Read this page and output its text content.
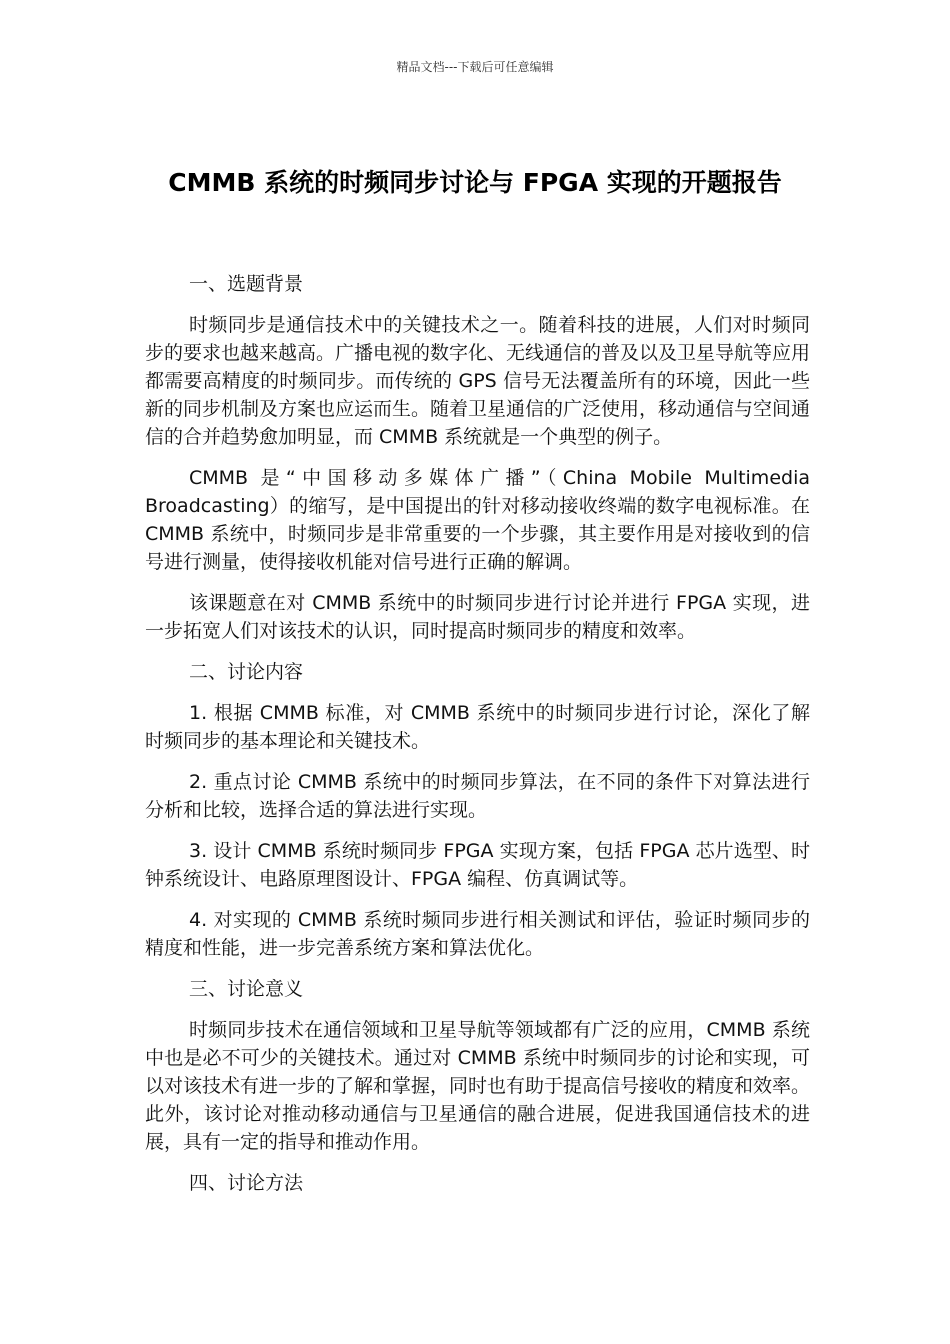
精品文档---下载后可任意编辑
CMMB 系统的时频同步讨论与 FPGA 实现的开题报告

一、选题背景

时频同步是通信技术中的关键技术之一。随着科技的进展，人们对时频同步的要求也越来越高。广播电视的数字化、无线通信的普及以及卫星导航等应用都需要高精度的时频同步。而传统的 GPS 信号无法覆盖所有的环境，因此一些新的同步机制及方案也应运而生。随着卫星通信的广泛使用，移动通信与空间通信的合并趋势愈加明显，而 CMMB 系统就是一个典型的例子。

CMMB 是“中国移动多媒体广播”（China Mobile Multimedia Broadcasting）的缩写，是中国提出的针对移动接收终端的数字电视标准。在 CMMB 系统中，时频同步是非常重要的一个步骤，其主要作用是对接收到的信号进行测量，使得接收机能对信号进行正确的解调。

该课题意在对 CMMB 系统中的时频同步进行讨论并进行 FPGA 实现，进一步拓宽人们对该技术的认识，同时提高时频同步的精度和效率。

二、讨论内容

1. 根据 CMMB 标准，对 CMMB 系统中的时频同步进行讨论，深化了解时频同步的基本理论和关键技术。

2. 重点讨论 CMMB 系统中的时频同步算法，在不同的条件下对算法进行分析和比较，选择合适的算法进行实现。

3. 设计 CMMB 系统时频同步 FPGA 实现方案，包括 FPGA 芯片选型、时钟系统设计、电路原理图设计、FPGA 编程、仿真调试等。

4. 对实现的 CMMB 系统时频同步进行相关测试和评估，验证时频同步的精度和性能，进一步完善系统方案和算法优化。

三、讨论意义

时频同步技术在通信领域和卫星导航等领域都有广泛的应用，CMMB 系统中也是必不可少的关键技术。通过对 CMMB 系统中时频同步的讨论和实现，可以对该技术有进一步的了解和掌握，同时也有助于提高信号接收的精度和效率。此外，该讨论对推动移动通信与卫星通信的融合进展，促进我国通信技术的进展，具有一定的指导和推动作用。

四、讨论方法
